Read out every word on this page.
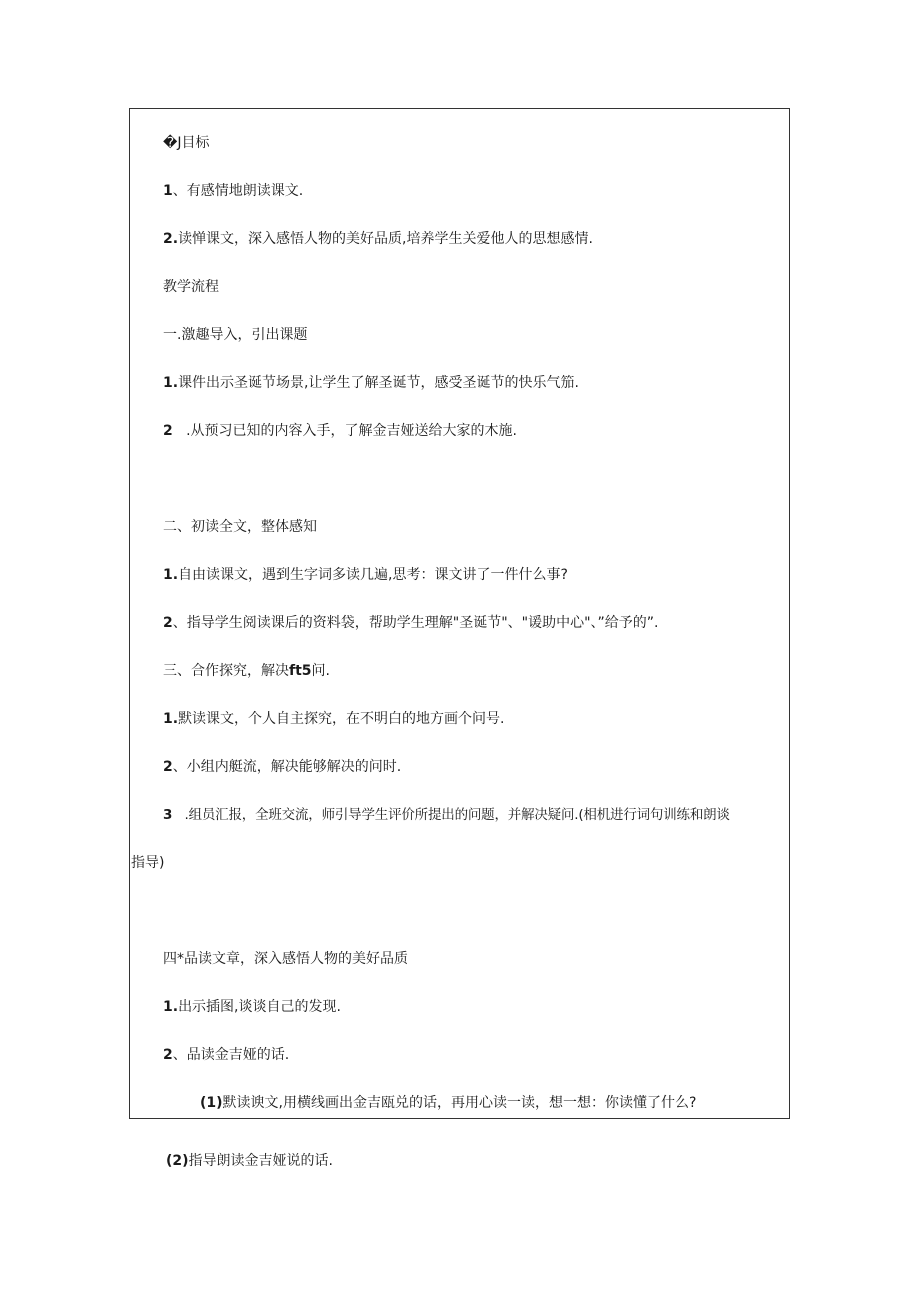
�J目标

1、有感情地朗读课文.

2.读惮课文，深入感悟人物的美好品质,培养学生关爱他人的思想感情.

教学流程

一.激趣导入，引出课题

1.课件出示圣诞节场景,让学生了解圣诞节，感受圣诞节的快乐气笳.

2   .从预习已知的内容入手，了解金吉娅送给大家的木施.

二、初读全文，整体感知

1.自由读课文，遇到生字词多读几遍,思考：课文讲了一件什么事?

2、指导学生阅读课后的资料袋，帮助学生理解"圣诞节"、"谖助中心"、”给予的”.

三、合作探究，解决ft5问.

1.默读课文，个人自主探究，在不明白的地方画个问号.

2、小组内艇流，解决能够解决的问时.

3   .组员汇报，全班交流，师引导学生评价所提出的问题，并解决疑问.(相机进行词句训练和朗谈

指导)

四*品读文章，深入感悟人物的美好品质

1.出示插图,谈谈自己的发现.

2、品读金吉娅的话.

(1)默读谀文,用横线画出金吉瓯兑的话，再用心读一读，想一想：你读懂了什么?

(2)指导朗读金吉娅说的话.
